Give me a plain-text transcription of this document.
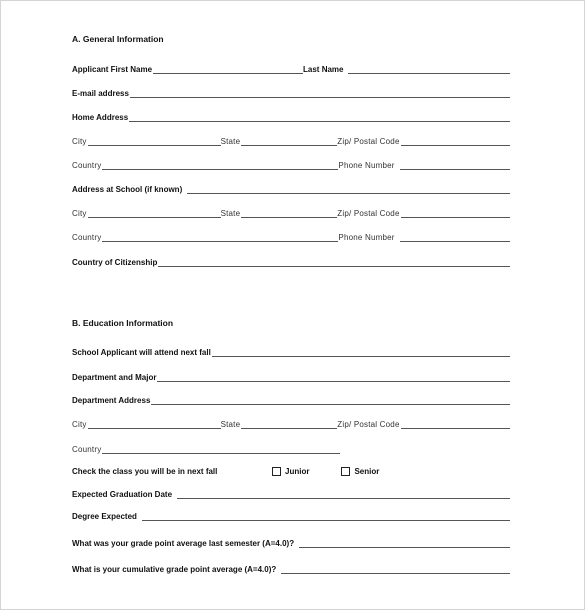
A. General Information
Applicant First Name	Last Name
E-mail address
Home Address
City	State	Zip/ Postal Code
Country	Phone Number
Address at School (if known)
City	State	Zip/ Postal Code
Country	Phone Number
Country of Citizenship
B. Education Information
School Applicant will attend next fall
Department and Major
Department Address
City	State	Zip/ Postal Code
Country
Check the class you will be in next fall	Junior	Senior
Expected Graduation Date
Degree Expected
What was your grade point average last semester (A=4.0)?
What is your cumulative grade point average (A=4.0)?
